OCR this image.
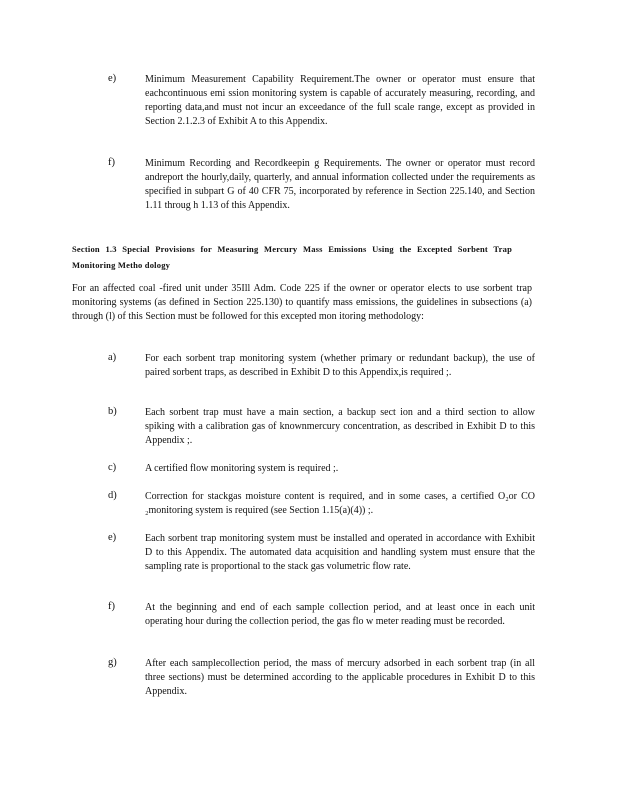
e)	Minimum Measurement Capability Requirement.The owner or operator must ensure that eachcontinuous emi ssion monitoring system is capable of accurately measuring, recording, and reporting data,and must not incur an exceedance of the full scale range, except as provided in Section 2.1.2.3 of Exhibit A to this Appendix.
f)	Minimum Recording and Recordkeepin g Requirements. The owner or operator must record andreport the hourly,daily, quarterly, and annual information collected under the requirements as specified in subpart G of 40 CFR 75, incorporated by reference in Section 225.140, and Section 1.11 throug h 1.13 of this Appendix.
Section 1.3 Special Provisions for Measuring Mercury Mass Emissions Using the Excepted Sorbent Trap Monitoring Metho dology
For an affected coal -fired unit under 35Ill Adm. Code 225 if the owner or operator elects to use sorbent trap monitoring systems (as defined in Section 225.130) to quantify mass emissions, the guidelines in subsections (a) through (l) of this Section must be followed for this excepted mon itoring methodology:
a)	For each sorbent trap monitoring system (whether primary or redundant backup), the use of paired sorbent traps, as described in Exhibit D to this Appendix,is required ;.
b)	Each sorbent trap must have a main section, a backup sect ion and a third section to allow spiking with a calibration gas of knownmercury concentration, as described in Exhibit D to this Appendix ;.
c)	A certified flow monitoring system is required ;.
d)	Correction for stackgas moisture content is required, and in some cases, a certified O₂or CO ₂monitoring system is required (see Section 1.15(a)(4)) ;.
e)	Each sorbent trap monitoring system must be installed and operated in accordance with Exhibit D to this Appendix. The automated data acquisition and handling system must ensure that the sampling rate is proportional to the stack gas volumetric flow rate.
f)	At the beginning and end of each sample collection period, and at least once in each unit operating hour during the collection period, the gas flo w meter reading must be recorded.
g)	After each samplecollection period, the mass of mercury adsorbed in each sorbent trap (in all three sections) must be determined according to the applicable procedures in Exhibit D to this Appendix.
